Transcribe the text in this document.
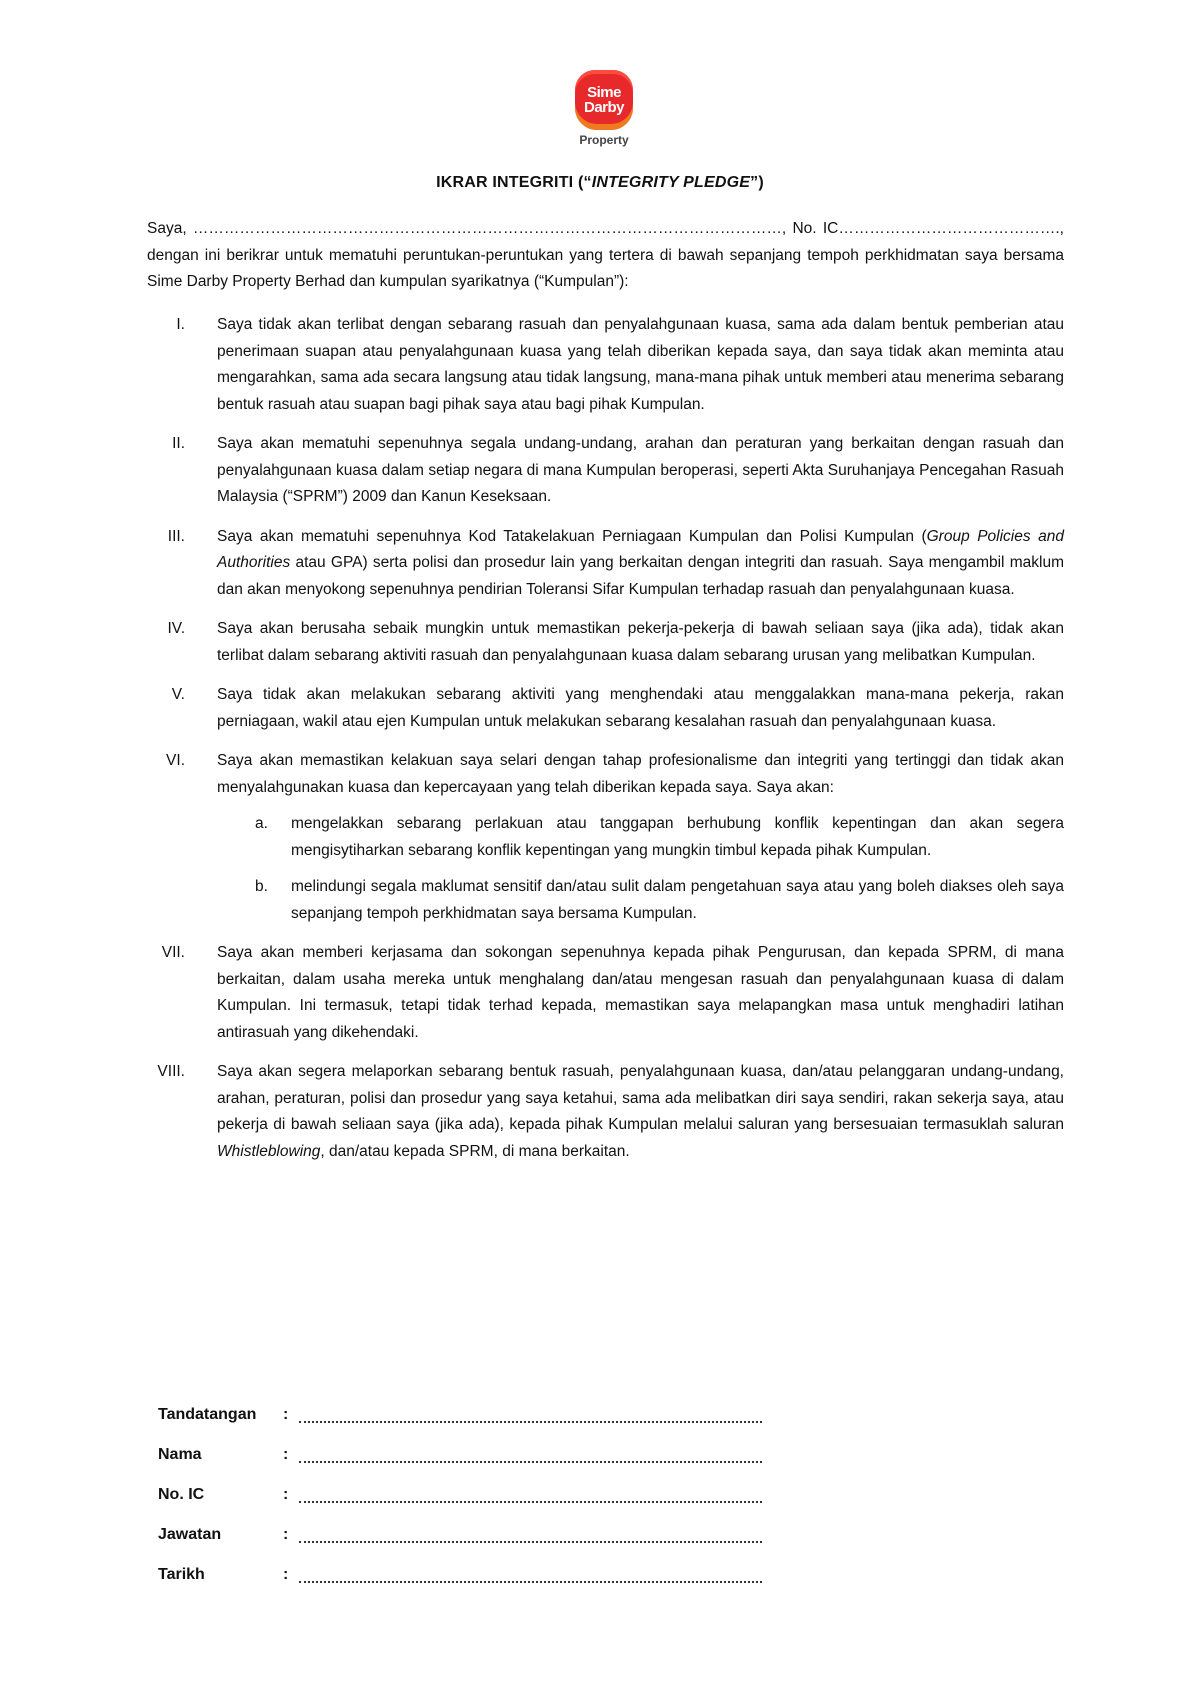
Sime
Darby
Property
IKRAR INTEGRITI (“INTEGRITY PLEDGE”)
Saya, ……………………………………………………………………………………………………, No. IC……………………………………., dengan ini berikrar untuk mematuhi peruntukan-peruntukan yang tertera di bawah sepanjang tempoh perkhidmatan saya bersama Sime Darby Property Berhad dan kumpulan syarikatnya (“Kumpulan”):
I. Saya tidak akan terlibat dengan sebarang rasuah dan penyalahgunaan kuasa, sama ada dalam bentuk pemberian atau penerimaan suapan atau penyalahgunaan kuasa yang telah diberikan kepada saya, dan saya tidak akan meminta atau mengarahkan, sama ada secara langsung atau tidak langsung, mana-mana pihak untuk memberi atau menerima sebarang bentuk rasuah atau suapan bagi pihak saya atau bagi pihak Kumpulan.
II. Saya akan mematuhi sepenuhnya segala undang-undang, arahan dan peraturan yang berkaitan dengan rasuah dan penyalahgunaan kuasa dalam setiap negara di mana Kumpulan beroperasi, seperti Akta Suruhanjaya Pencegahan Rasuah Malaysia (“SPRM”) 2009 dan Kanun Keseksaan.
III. Saya akan mematuhi sepenuhnya Kod Tatakelakuan Perniagaan Kumpulan dan Polisi Kumpulan (Group Policies and Authorities atau GPA) serta polisi dan prosedur lain yang berkaitan dengan integriti dan rasuah. Saya mengambil maklum dan akan menyokong sepenuhnya pendirian Toleransi Sifar Kumpulan terhadap rasuah dan penyalahgunaan kuasa.
IV. Saya akan berusaha sebaik mungkin untuk memastikan pekerja-pekerja di bawah seliaan saya (jika ada), tidak akan terlibat dalam sebarang aktiviti rasuah dan penyalahgunaan kuasa dalam sebarang urusan yang melibatkan Kumpulan.
V. Saya tidak akan melakukan sebarang aktiviti yang menghendaki atau menggalakkan mana-mana pekerja, rakan perniagaan, wakil atau ejen Kumpulan untuk melakukan sebarang kesalahan rasuah dan penyalahgunaan kuasa.
VI. Saya akan memastikan kelakuan saya selari dengan tahap profesionalisme dan integriti yang tertinggi dan tidak akan menyalahgunakan kuasa dan kepercayaan yang telah diberikan kepada saya. Saya akan:
a. mengelakkan sebarang perlakuan atau tanggapan berhubung konflik kepentingan dan akan segera mengisytiharkan sebarang konflik kepentingan yang mungkin timbul kepada pihak Kumpulan.
b. melindungi segala maklumat sensitif dan/atau sulit dalam pengetahuan saya atau yang boleh diakses oleh saya sepanjang tempoh perkhidmatan saya bersama Kumpulan.
VII. Saya akan memberi kerjasama dan sokongan sepenuhnya kepada pihak Pengurusan, dan kepada SPRM, di mana berkaitan, dalam usaha mereka untuk menghalang dan/atau mengesan rasuah dan penyalahgunaan kuasa di dalam Kumpulan. Ini termasuk, tetapi tidak terhad kepada, memastikan saya melapangkan masa untuk menghadiri latihan antirasuah yang dikehendaki.
VIII. Saya akan segera melaporkan sebarang bentuk rasuah, penyalahgunaan kuasa, dan/atau pelanggaran undang-undang, arahan, peraturan, polisi dan prosedur yang saya ketahui, sama ada melibatkan diri saya sendiri, rakan sekerja saya, atau pekerja di bawah seliaan saya (jika ada), kepada pihak Kumpulan melalui saluran yang bersesuaian termasuklah saluran Whistleblowing, dan/atau kepada SPRM, di mana berkaitan.
Tandatangan	:
Nama	:
No. IC	:
Jawatan	:
Tarikh	:
